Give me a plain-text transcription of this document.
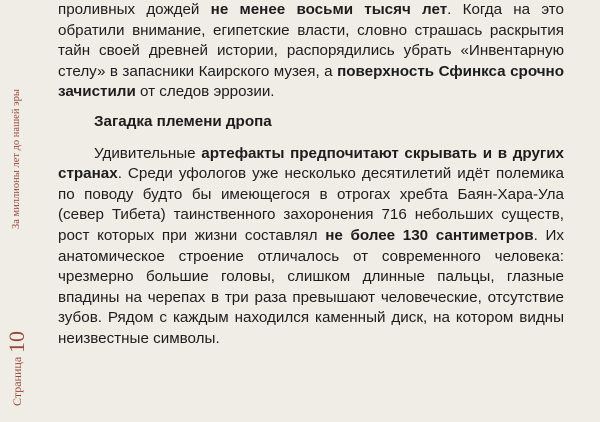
За миллионы лет до нашей эры
Страница10

проливных дождей не менее восьми тысяч лет. Когда на это обратили внимание, египетские власти, словно страшась раскрытия тайн своей древней истории, распорядились убрать «Инвентарную стелу» в запасники Каирского музея, а поверхность Сфинкса срочно зачистили от следов эррозии.

Загадка племени дропа

Удивительные артефакты предпочитают скрывать и в других странах. Среди уфологов уже несколько десятилетий идёт полемика по поводу будто бы имеющегося в отрогах хребта Баян-Хара-Ула (север Тибета) таинственного захоронения 716 небольших существ, рост которых при жизни составлял не более 130 сантиметров. Их анатомическое строение отличалось от современного человека: чрезмерно большие головы, слишком длинные пальцы, глазные впадины на черепах в три раза превышают человеческие, отсутствие зубов. Рядом с каждым находился каменный диск, на котором видны неизвестные символы.
